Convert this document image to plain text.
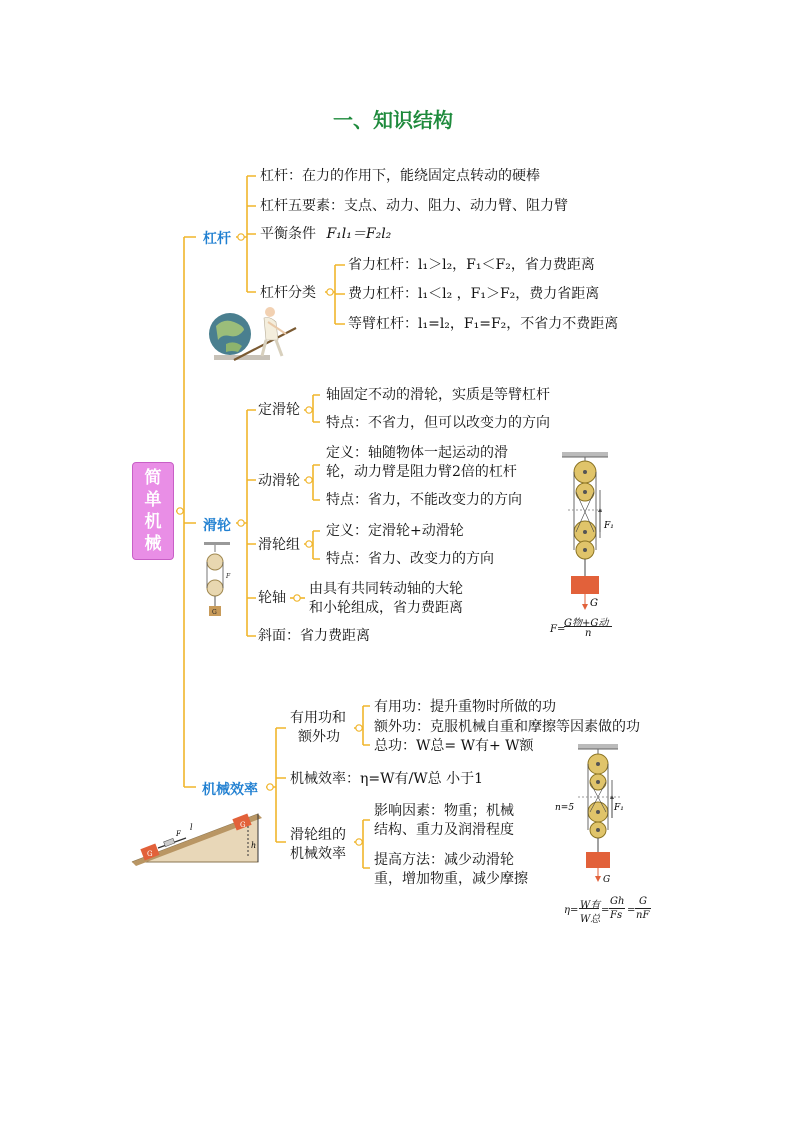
一、知识结构
简
单
机
械
杠杆
杠杆：在力的作用下，能绕固定点转动的硬棒
杠杆五要素：支点、动力、阻力、动力臂、阻力臂
平衡条件 F₁l₁＝F₂l₂
杠杆分类
省力杠杆：l₁＞l₂，F₁＜F₂，省力费距离
费力杠杆：l₁＜l₂ ，F₁＞F₂，费力省距离
等臂杠杆：l₁=l₂，F₁=F₂，不省力不费距离
滑轮
定滑轮
轴固定不动的滑轮，实质是等臂杠杆
特点：不省力，但可以改变力的方向
动滑轮
定义：轴随物体一起运动的滑
轮，动力臂是阻力臂2倍的杠杆
特点：省力，不能改变力的方向
滑轮组
定义：定滑轮+动滑轮
特点：省力、改变力的方向
轮轴
由具有共同转动轴的大轮
和小轮组成，省力费距离
斜面：省力费距离
F
G
F₁
G
F=
G物+G动
n
机械效率
有用功和
额外功
有用功：提升重物时所做的功
额外功：克服机械自重和摩擦等因素做的功
总功：W总= W有+ W额
机械效率：η=W有/W总 小于1
滑轮组的
机械效率
影响因素：物重；机械
结构、重力及润滑程度
提高方法：减少动滑轮
重，增加物重，减少摩擦
G
G
l
F
h
F₁
n=5
G
η= W有
W总
=
Gh
Fs =
G
nF
